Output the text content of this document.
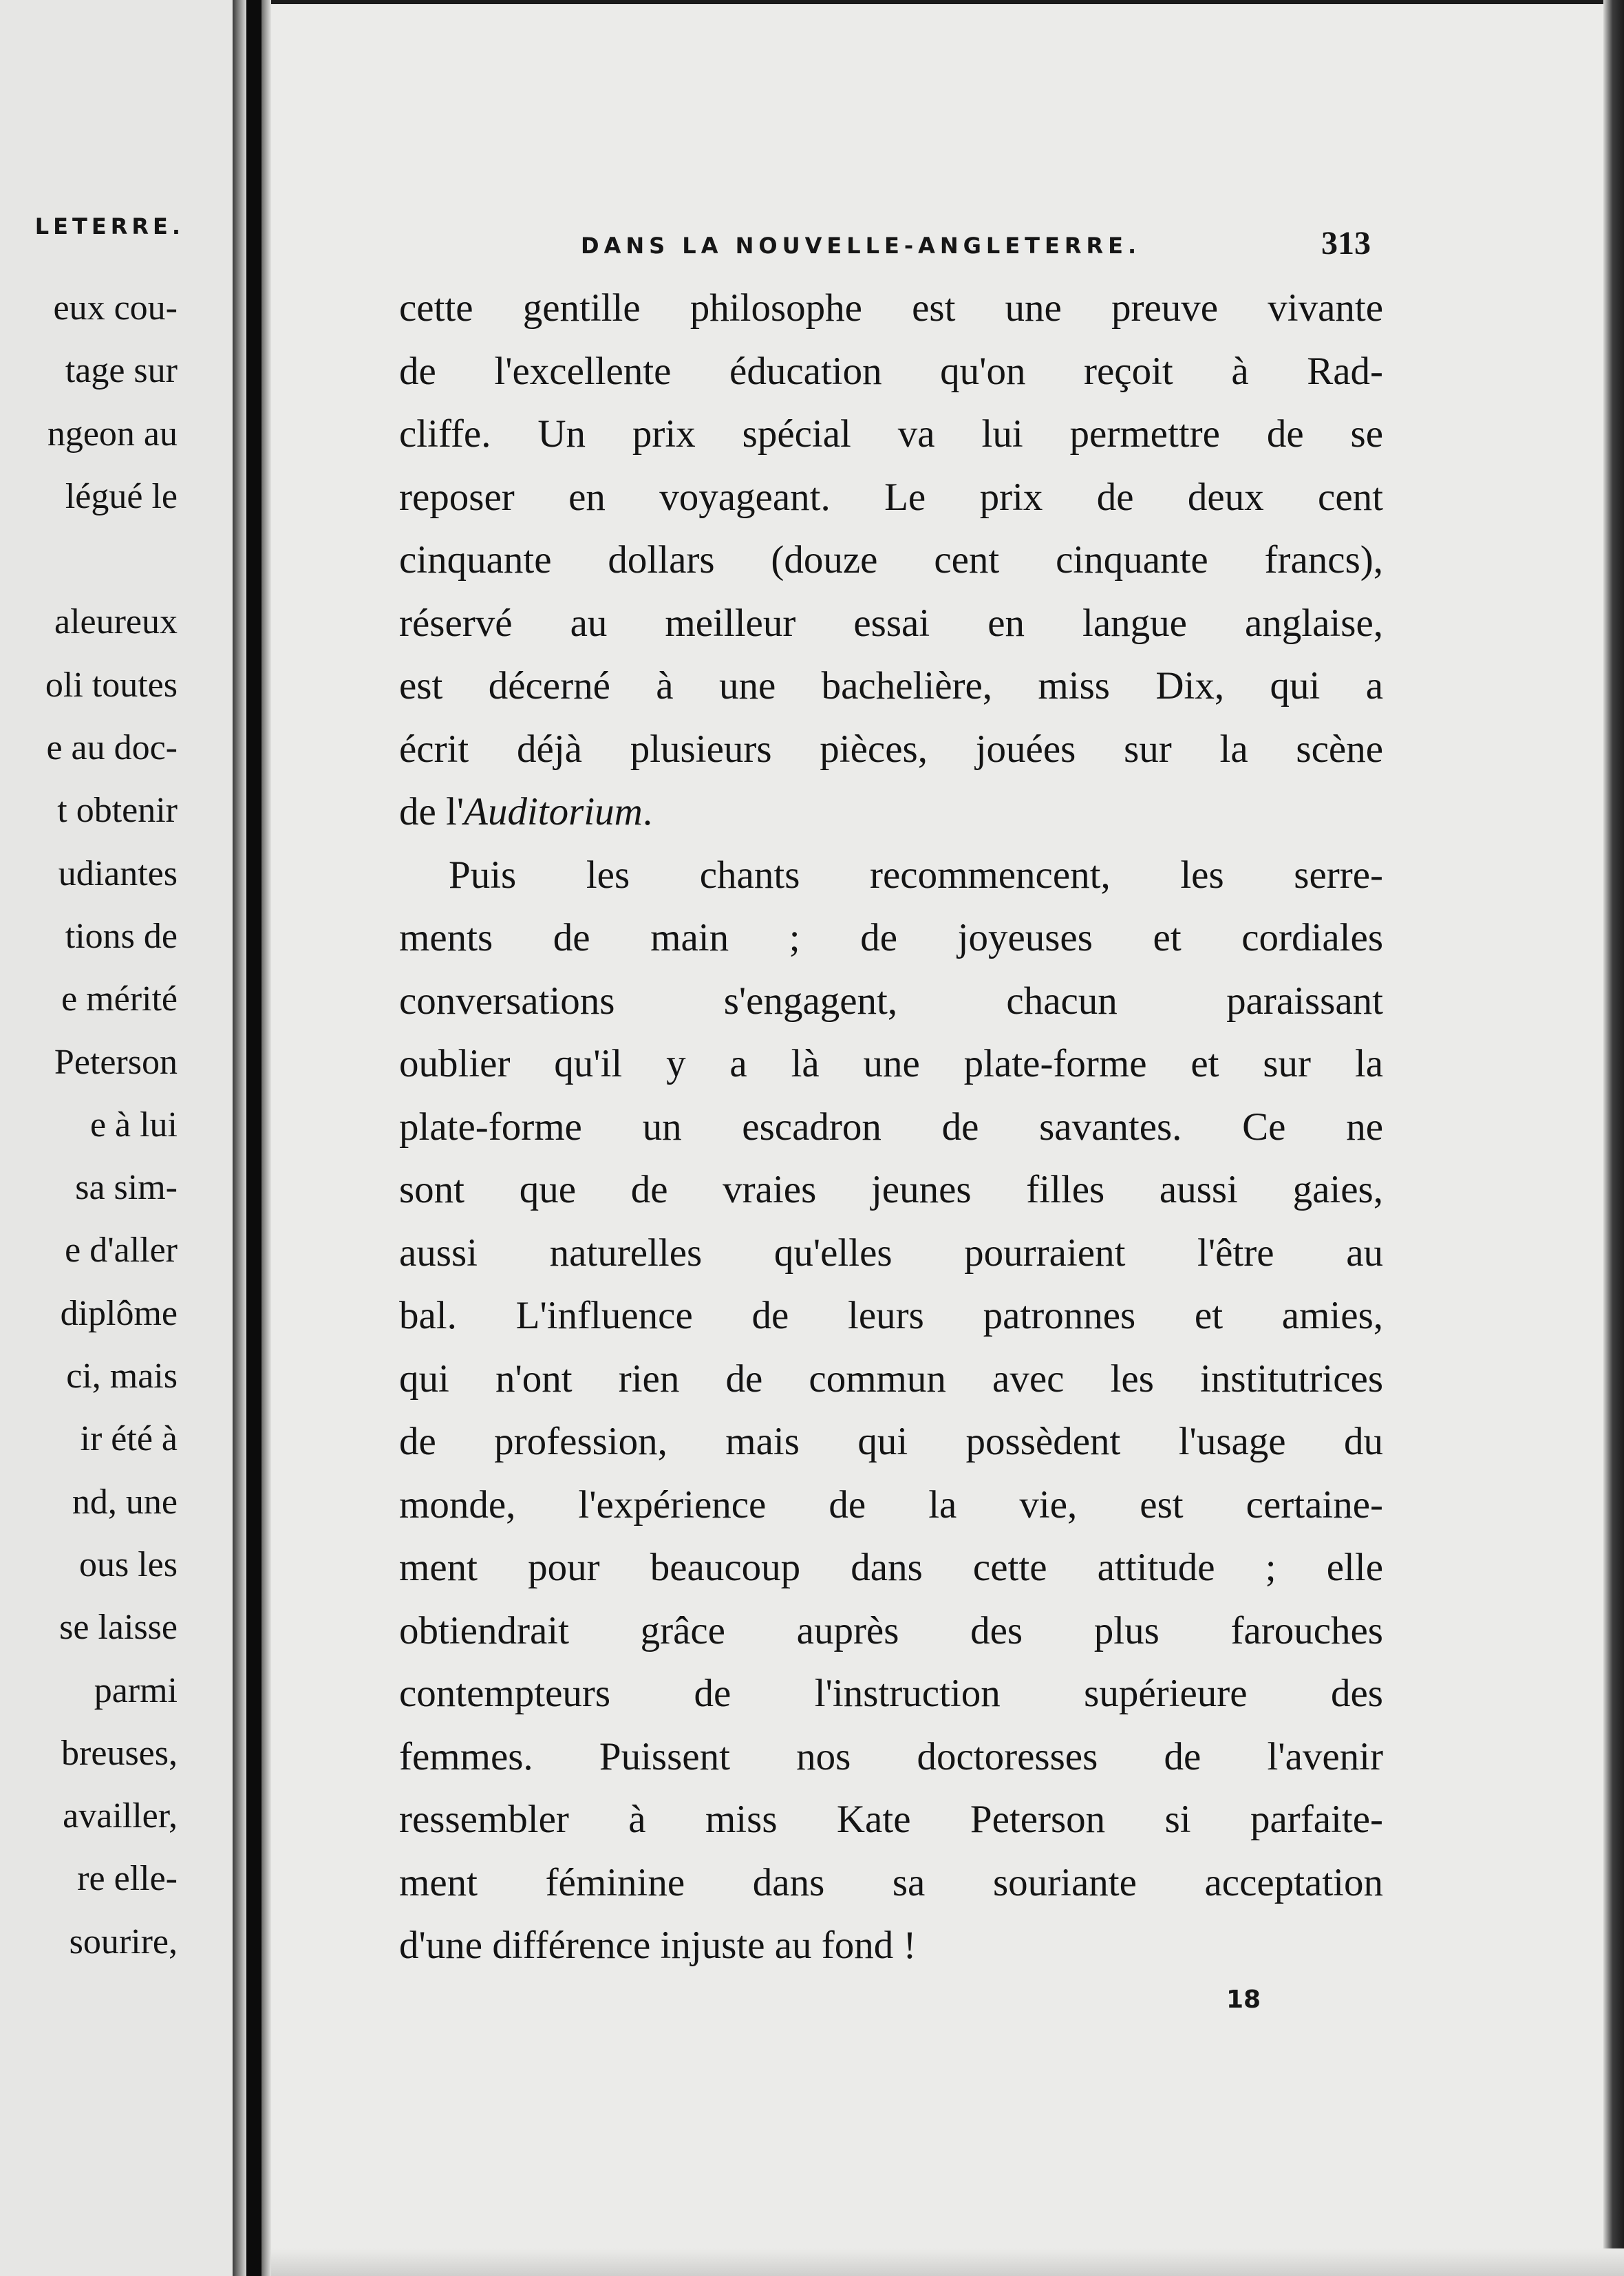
LETERRE.
eux cou-
tage sur
ngeon au
légué le
aleureux
oli toutes
e au doc-
t obtenir
udiantes
tions de
e mérité
Peterson
e à lui
sa sim-
e d'aller
diplôme
ci, mais
ir été à
nd, une
ous les
se laisse
parmi
breuses,
availler,
re elle-
sourire,
DANS LA NOUVELLE-ANGLETERRE.	313
cette gentille philosophe est une preuve vivante
de l'excellente éducation qu'on reçoit à Rad-
cliffe. Un prix spécial va lui permettre de se
reposer en voyageant. Le prix de deux cent
cinquante dollars (douze cent cinquante francs),
réservé au meilleur essai en langue anglaise,
est décerné à une bachelière, miss Dix, qui a
écrit déjà plusieurs pièces, jouées sur la scène
de l'Auditorium.
Puis les chants recommencent, les serre-
ments de main ; de joyeuses et cordiales
conversations s'engagent, chacun paraissant
oublier qu'il y a là une plate-forme et sur la
plate-forme un escadron de savantes. Ce ne
sont que de vraies jeunes filles aussi gaies,
aussi naturelles qu'elles pourraient l'être au
bal. L'influence de leurs patronnes et amies,
qui n'ont rien de commun avec les institutrices
de profession, mais qui possèdent l'usage du
monde, l'expérience de la vie, est certaine-
ment pour beaucoup dans cette attitude ; elle
obtiendrait grâce auprès des plus farouches
contempteurs de l'instruction supérieure des
femmes. Puissent nos doctoresses de l'avenir
ressembler à miss Kate Peterson si parfaite-
ment féminine dans sa souriante acceptation
d'une différence injuste au fond !
18
